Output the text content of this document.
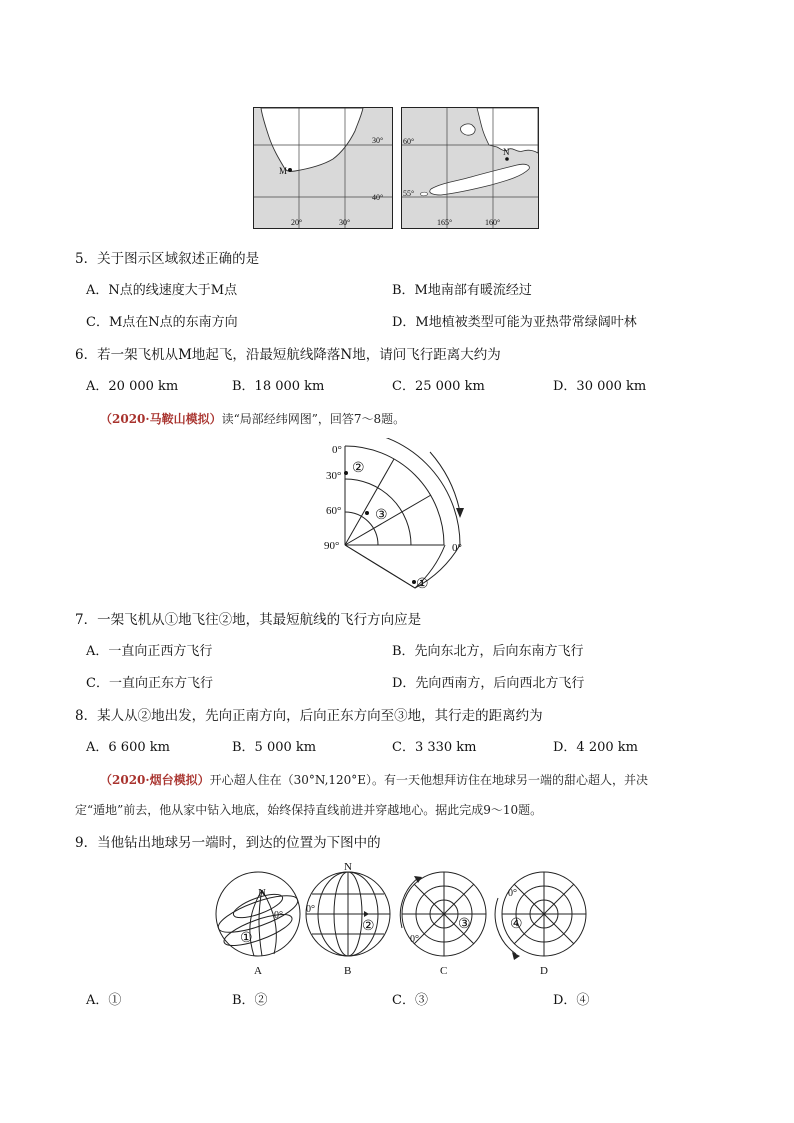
M
30°
40°
20°	30°
N
60°
55°
165°	160°
5．关于图示区域叙述正确的是
A．N点的线速度大于M点	B．M地南部有暖流经过
C．M点在N点的东南方向	D．M地植被类型可能为亚热带常绿阔叶林
6．若一架飞机从M地起飞，沿最短航线降落N地，请问飞行距离大约为
A．20 000 km	B．18 000 km	C．25 000 km	D．30 000 km
（2020·马鞍山模拟）读“局部经纬网图”，回答7～8题。
0°
30°
60°
90°	0°
②
③
①
7．一架飞机从①地飞往②地，其最短航线的飞行方向应是
A．一直向正西方飞行	B．先向东北方，后向东南方飞行
C．一直向正东方飞行	D．先向西南方，后向西北方飞行
8．某人从②地出发，先向正南方向，后向正东方向至③地，其行走的距离约为
A．6 600 km	B．5 000 km	C．3 330 km	D．4 200 km
（2020·烟台模拟）开心超人住在（30°N,120°E）。有一天他想拜访住在地球另一端的甜心超人，并决
定“遁地”前去，他从家中钻入地底，始终保持直线前进并穿越地心。据此完成9～10题。
9．当他钻出地球另一端时，到达的位置为下图中的
N
0°
①
A
N
0°
②
B
0°
③
C
0°
④
D
A．①	B．②	C．③	D．④
